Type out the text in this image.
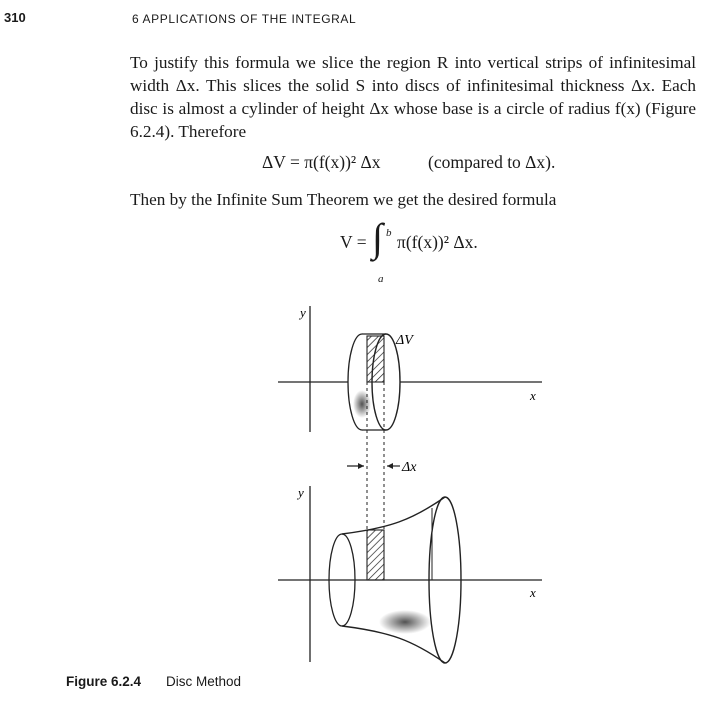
310	6 APPLICATIONS OF THE INTEGRAL
To justify this formula we slice the region R into vertical strips of infinitesimal width Δx. This slices the solid S into discs of infinitesimal thickness Δx. Each disc is almost a cylinder of height Δx whose base is a circle of radius f(x) (Figure 6.2.4). Therefore
ΔV = π(f(x))² Δx	(compared to Δx).
Then by the Infinite Sum Theorem we get the desired formula
V = ∫ b
a
π(f(x))² Δx.
y
x
ΔV
Δx
y
x
Figure 6.2.4 Disc Method
